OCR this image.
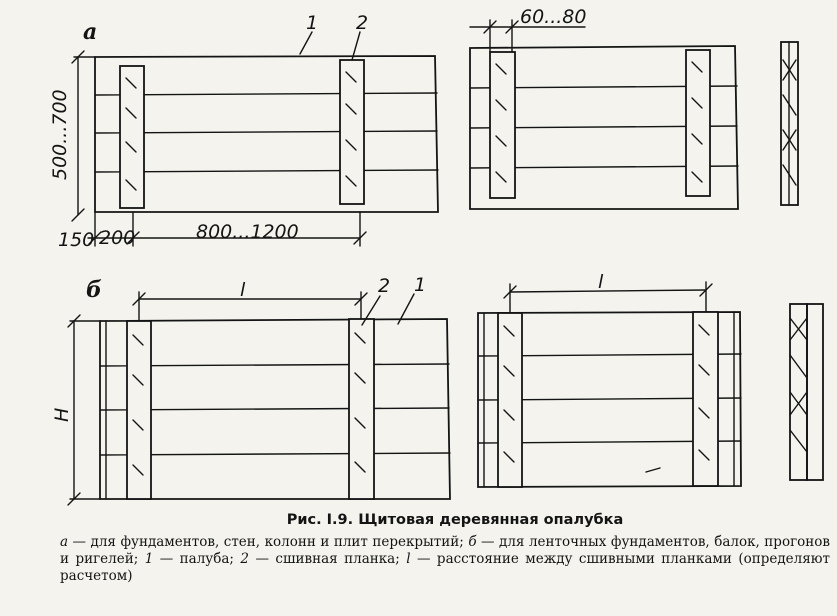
а
б
1 2
2 1
500...700
60...80
150 200	800...1200
l	l
H
Рис. I.9. Щитовая деревянная опалубка
а — для фундаментов, стен, колонн и плит перекрытий; б — для ленточных фундаментов, балок, прогонов и ригелей; 1 — палуба; 2 — сшивная планка; l — расстояние между сшивными планками (определяют расчетом)
